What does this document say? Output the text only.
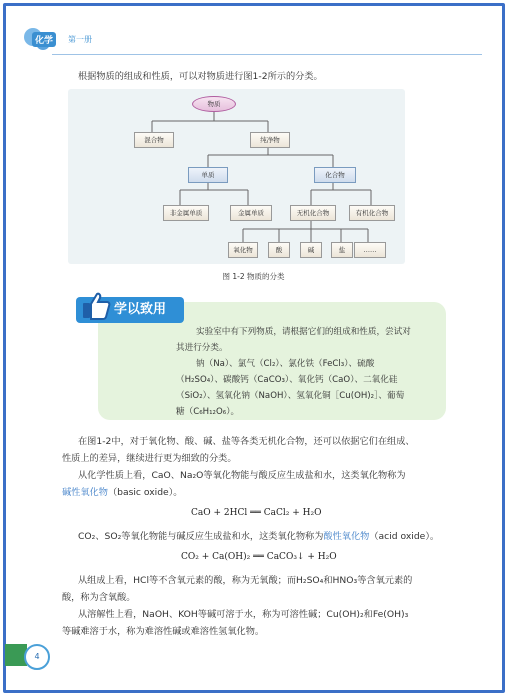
化学	第一册
根据物质的组成和性质，可以对物质进行图1-2所示的分类。
物质
混合物	纯净物
单质	化合物
非金属单质	金属单质	无机化合物	有机化合物
氧化物	酸	碱	盐	……
图 1-2 物质的分类
学以致用
实验室中有下列物质，请根据它们的组成和性质，尝试对
其进行分类。
钠（Na）、氯气（Cl₂）、氯化铁（FeCl₃）、硫酸
（H₂SO₄）、碳酸钙（CaCO₃）、氧化钙（CaO）、二氧化硅
（SiO₂）、氢氧化钠（NaOH）、氢氧化铜［Cu(OH)₂］、葡萄
糖（C₆H₁₂O₆）。
在图1-2中，对于氧化物、酸、碱、盐等各类无机化合物，还可以依据它们在组成、
性质上的差异，继续进行更为细致的分类。
从化学性质上看，CaO、Na₂O等氧化物能与酸反应生成盐和水，这类氧化物称为
碱性氧化物（basic oxide）。
CaO + 2HCl ══ CaCl₂ + H₂O
CO₂、SO₂等氧化物能与碱反应生成盐和水，这类氧化物称为酸性氧化物（acid oxide）。
CO₂ + Ca(OH)₂ ══ CaCO₃↓ + H₂O
从组成上看，HCl等不含氧元素的酸，称为无氧酸；而H₂SO₄和HNO₃等含氧元素的
酸，称为含氧酸。
从溶解性上看，NaOH、KOH等碱可溶于水，称为可溶性碱；Cu(OH)₂和Fe(OH)₃
等碱难溶于水，称为难溶性碱或难溶性氢氧化物。
4
